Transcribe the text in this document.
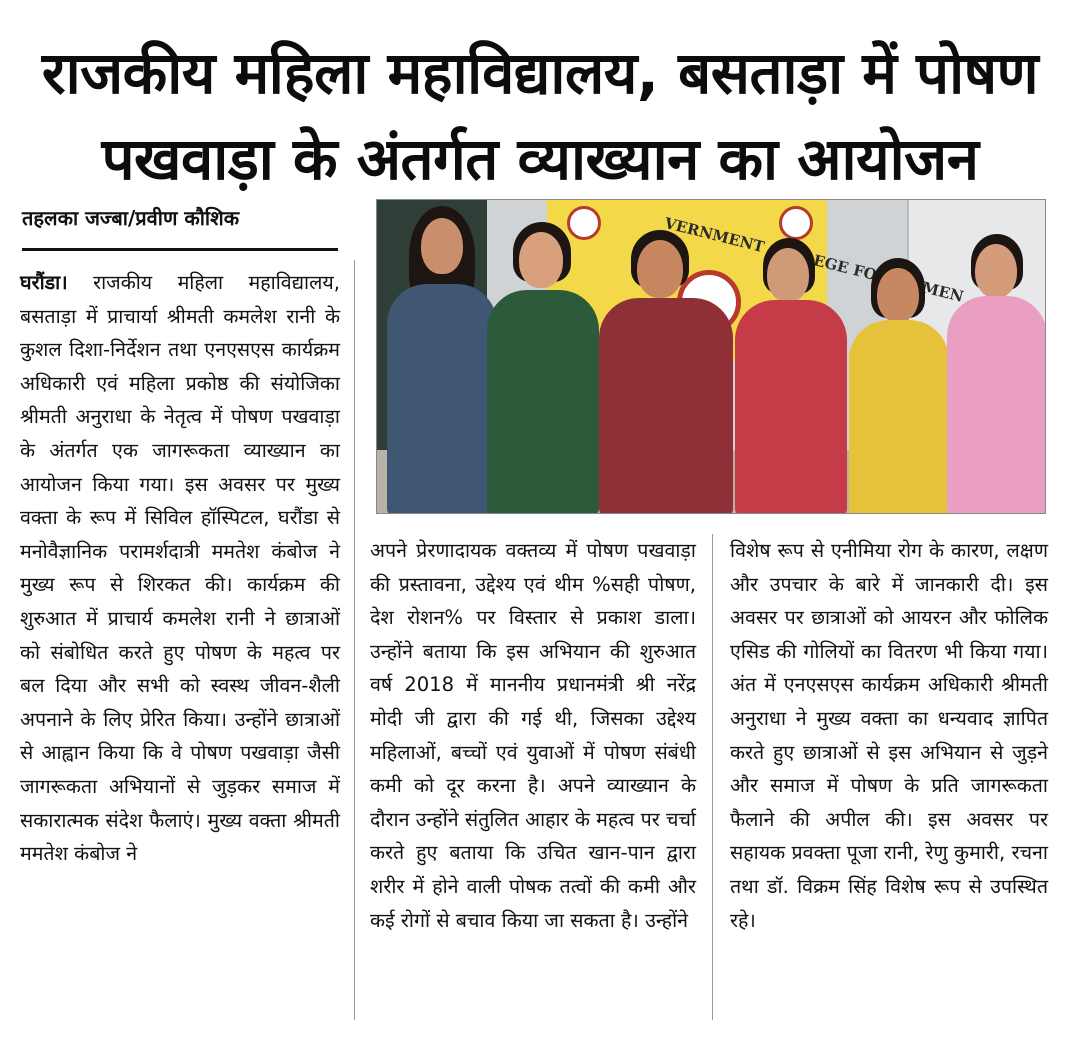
राजकीय महिला महाविद्यालय, बसताड़ा में पोषण
पखवाड़ा के अंतर्गत व्याख्यान का आयोजन
तहलका जज्बा/प्रवीण कौशिक	VERNMENT FOR WOMEN

घरौंडा। राजकीय महिला महाविद्यालय, बसताड़ा में प्राचार्या श्रीमती कमलेश रानी के कुशल दिशा-निर्देशन तथा एनएसएस कार्यक्रम अधिकारी एवं महिला प्रकोष्ठ की संयोजिका श्रीमती अनुराधा के नेतृत्व में पोषण पखवाड़ा के अंतर्गत एक जागरूकता व्याख्यान का आयोजन किया गया। इस अवसर पर मुख्य वक्ता के रूप में सिविल हॉस्पिटल, घरौंडा से मनोवैज्ञानिक परामर्शदात्री ममतेश कंबोज ने मुख्य रूप से शिरकत की। कार्यक्रम की शुरुआत में प्राचार्य कमलेश रानी ने छात्राओं को संबोधित करते हुए पोषण के महत्व पर बल दिया और सभी को स्वस्थ जीवन-शैली अपनाने के लिए प्रेरित किया। उन्होंने छात्राओं से आह्वान किया कि वे पोषण पखवाड़ा जैसी जागरूकता अभियानों से जुड़कर समाज में सकारात्मक संदेश फैलाएं। मुख्य वक्ता श्रीमती ममतेश कंबोज ने

अपने प्रेरणादायक वक्तव्य में पोषण पखवाड़ा की प्रस्तावना, उद्देश्य एवं थीम %सही पोषण, देश रोशन% पर विस्तार से प्रकाश डाला। उन्होंने बताया कि इस अभियान की शुरुआत वर्ष 2018 में माननीय प्रधानमंत्री श्री नरेंद्र मोदी जी द्वारा की गई थी, जिसका उद्देश्य महिलाओं, बच्चों एवं युवाओं में पोषण संबंधी कमी को दूर करना है। अपने व्याख्यान के दौरान उन्होंने संतुलित आहार के महत्व पर चर्चा करते हुए बताया कि उचित खान-पान द्वारा शरीर में होने वाली पोषक तत्वों की कमी और कई रोगों से बचाव किया जा सकता है। उन्होंने

विशेष रूप से एनीमिया रोग के कारण, लक्षण और उपचार के बारे में जानकारी दी। इस अवसर पर छात्राओं को आयरन और फोलिक एसिड की गोलियों का वितरण भी किया गया। अंत में एनएसएस कार्यक्रम अधिकारी श्रीमती अनुराधा ने मुख्य वक्ता का धन्यवाद ज्ञापित करते हुए छात्राओं से इस अभियान से जुड़ने और समाज में पोषण के प्रति जागरूकता फैलाने की अपील की। इस अवसर पर सहायक प्रवक्ता पूजा रानी, रेणु कुमारी, रचना तथा डॉ. विक्रम सिंह विशेष रूप से उपस्थित रहे।
